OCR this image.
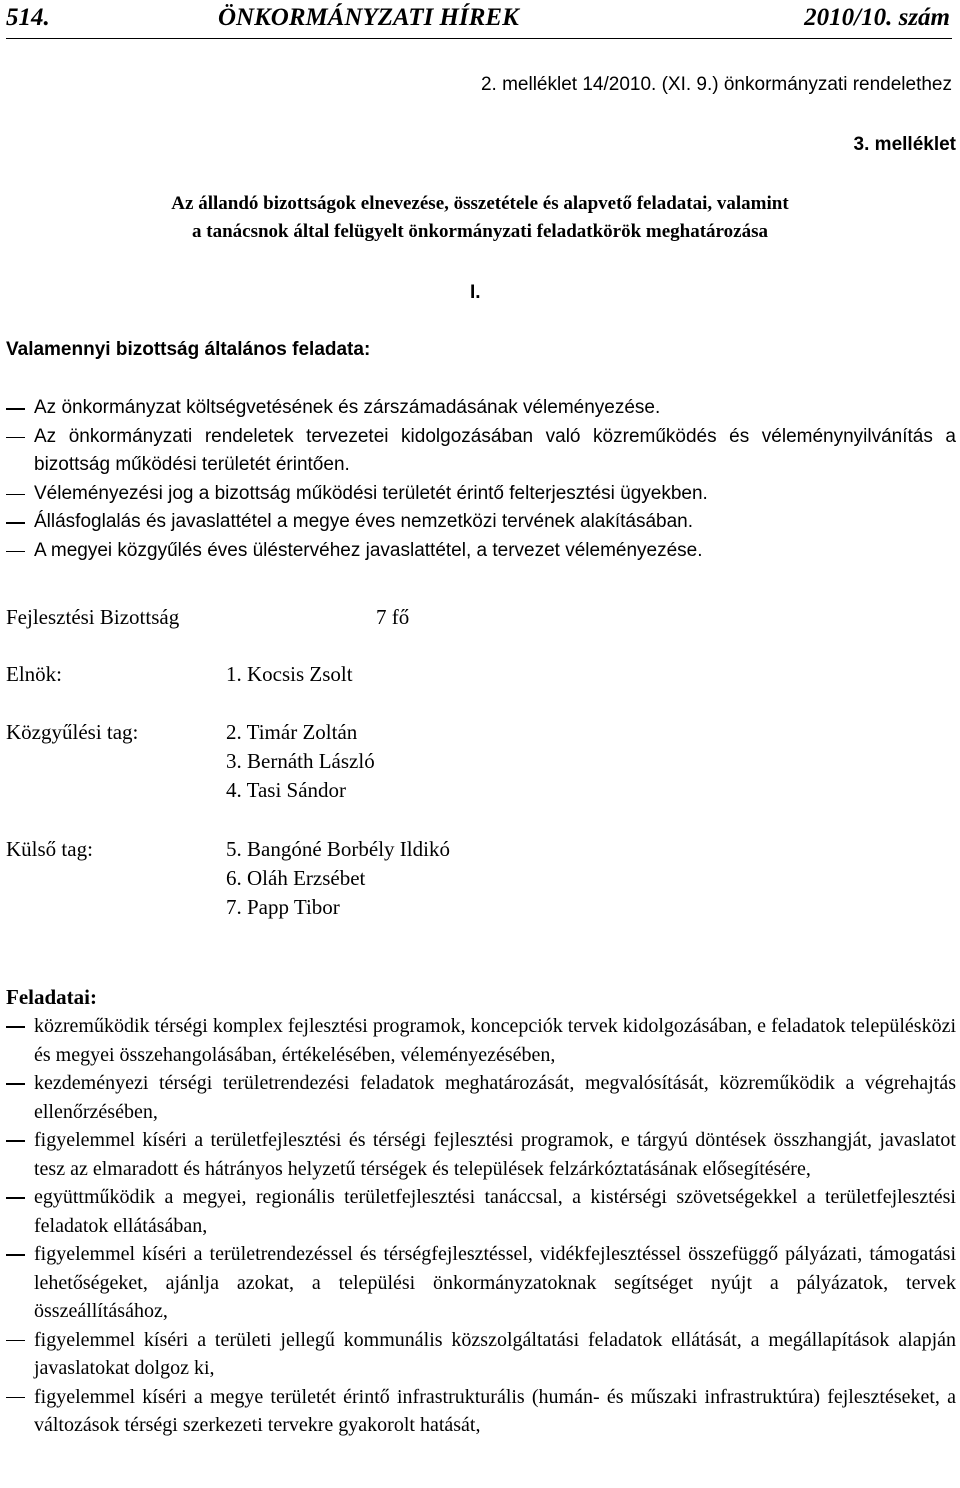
514.	ÖNKORMÁNYZATI HÍREK	2010/10. szám
2. melléklet 14/2010. (XI. 9.) önkormányzati rendelethez
3. melléklet
Az állandó bizottságok elnevezése, összetétele és alapvető feladatai, valamint
a tanácsnok által felügyelt önkormányzati feladatkörök meghatározása
I.
Valamennyi bizottság általános feladata:
Az önkormányzat költségvetésének és zárszámadásának véleményezése.
Az önkormányzati rendeletek tervezetei kidolgozásában való közreműködés és véleménynyilvánítás a bizottság működési területét érintően.
Véleményezési jog a bizottság működési területét érintő felterjesztési ügyekben.
Állásfoglalás és javaslattétel a megye éves nemzetközi tervének alakításában.
A megyei közgyűlés éves üléstervéhez javaslattétel, a tervezet véleményezése.
Fejlesztési Bizottság	7 fő
Elnök:	1. Kocsis Zsolt
Közgyűlési tag:	2. Timár Zoltán
3. Bernáth László
4. Tasi Sándor
Külső tag:	5. Bangóné Borbély Ildikó
6. Oláh Erzsébet
7. Papp Tibor
Feladatai:
közreműködik térségi komplex fejlesztési programok, koncepciók tervek kidolgozásában, e feladatok településközi és megyei összehangolásában, értékelésében, véleményezésében,
kezdeményezi térségi területrendezési feladatok meghatározását, megvalósítását, közreműködik a végrehajtás ellenőrzésében,
figyelemmel kíséri a területfejlesztési és térségi fejlesztési programok, e tárgyú döntések összhangját, javaslatot tesz az elmaradott és hátrányos helyzetű térségek és települések felzárkóztatásának elősegítésére,
együttműködik a megyei, regionális területfejlesztési tanáccsal, a kistérségi szövetségekkel a területfejlesztési feladatok ellátásában,
figyelemmel kíséri a területrendezéssel és térségfejlesztéssel, vidékfejlesztéssel összefüggő pályázati, támogatási lehetőségeket, ajánlja azokat, a települési önkormányzatoknak segítséget nyújt a pályázatok, tervek összeállításához,
figyelemmel kíséri a területi jellegű kommunális közszolgáltatási feladatok ellátását, a megállapítások alapján javaslatokat dolgoz ki,
figyelemmel kíséri a megye területét érintő infrastrukturális (humán- és műszaki infrastruktúra) fejlesztéseket, a változások térségi szerkezeti tervekre gyakorolt hatását,
